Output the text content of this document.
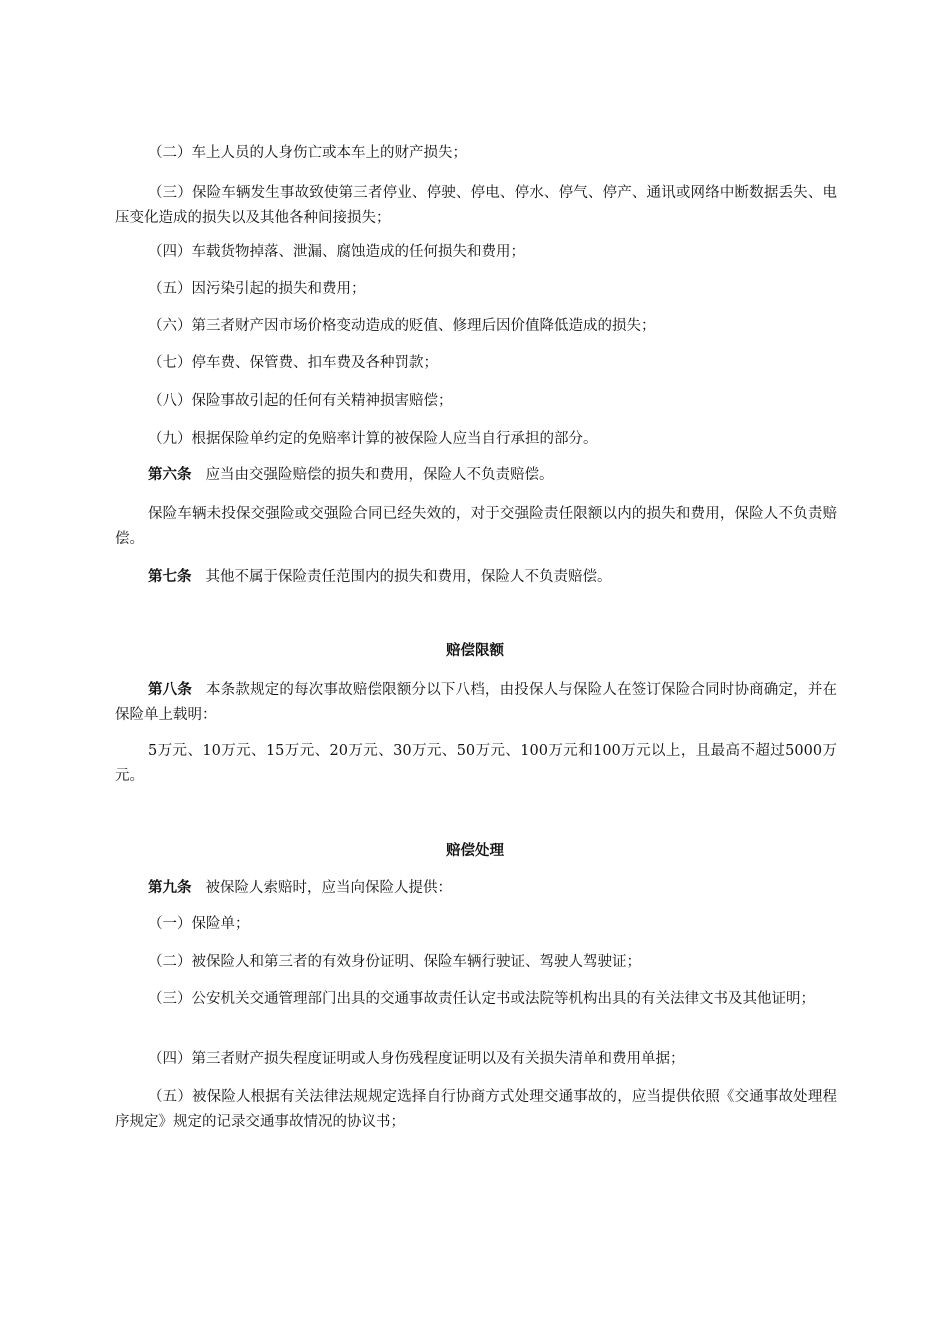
（二）车上人员的人身伤亡或本车上的财产损失；

（三）保险车辆发生事故致使第三者停业、停驶、停电、停水、停气、停产、通讯或网络中断数据丢失、电压变化造成的损失以及其他各种间接损失；

（四）车载货物掉落、泄漏、腐蚀造成的任何损失和费用；

（五）因污染引起的损失和费用；

（六）第三者财产因市场价格变动造成的贬值、修理后因价值降低造成的损失；

（七）停车费、保管费、扣车费及各种罚款；

（八）保险事故引起的任何有关精神损害赔偿；

（九）根据保险单约定的免赔率计算的被保险人应当自行承担的部分。

第六条 应当由交强险赔偿的损失和费用，保险人不负责赔偿。

保险车辆未投保交强险或交强险合同已经失效的，对于交强险责任限额以内的损失和费用，保险人不负责赔偿。

第七条 其他不属于保险责任范围内的损失和费用，保险人不负责赔偿。

赔偿限额

第八条 本条款规定的每次事故赔偿限额分以下八档，由投保人与保险人在签订保险合同时协商确定，并在保险单上载明：

5万元、10万元、15万元、20万元、30万元、50万元、100万元和100万元以上，且最高不超过5000万元。

赔偿处理

第九条 被保险人索赔时，应当向保险人提供：

（一）保险单；

（二）被保险人和第三者的有效身份证明、保险车辆行驶证、驾驶人驾驶证；

（三）公安机关交通管理部门出具的交通事故责任认定书或法院等机构出具的有关法律文书及其他证明；

（四）第三者财产损失程度证明或人身伤残程度证明以及有关损失清单和费用单据；

（五）被保险人根据有关法律法规规定选择自行协商方式处理交通事故的，应当提供依照《交通事故处理程序规定》规定的记录交通事故情况的协议书；
